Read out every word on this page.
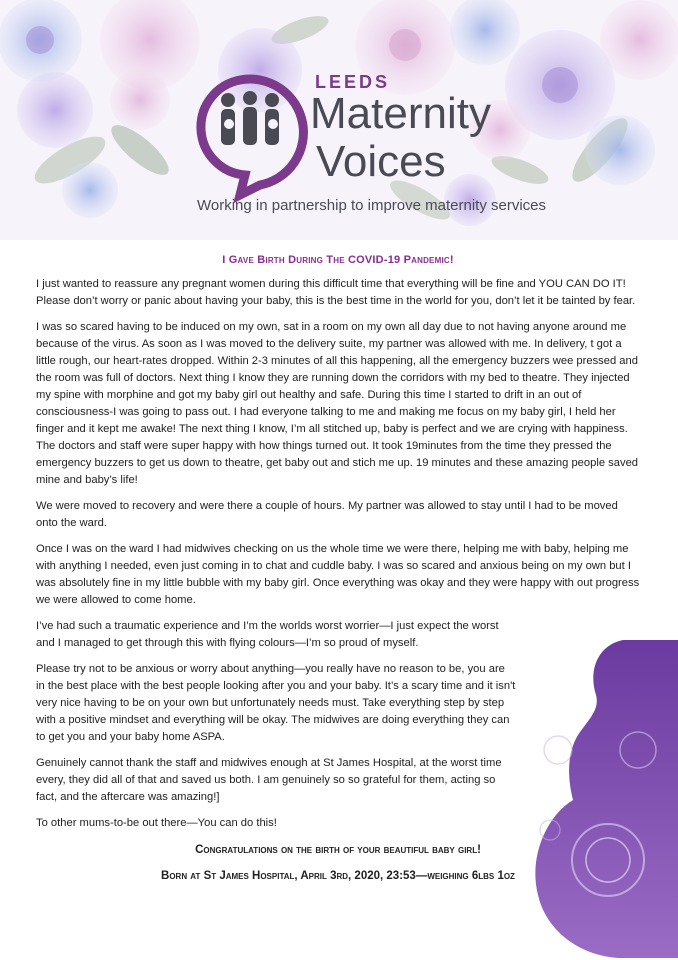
LEEDS
Maternity
Voices
Working in partnership to improve maternity services
I Gave Birth During The COVID-19 Pandemic!

I just wanted to reassure any pregnant women during this difficult time that everything will be fine and YOU CAN DO IT! Please don’t worry or panic about having your baby, this is the best time in the world for you, don’t let it be tainted by fear.

I was so scared having to be induced on my own, sat in a room on my own all day due to not having anyone around me because of the virus. As soon as I was moved to the delivery suite, my partner was allowed with me. In delivery, t got a little rough, our heart-rates dropped. Within 2-3 minutes of all this happening, all the emergency buzzers wee pressed and the room was full of doctors. Next thing I know they are running down the corridors with my bed to theatre. They injected my spine with morphine and got my baby girl out healthy and safe. During this time I started to drift in an out of consciousness-I was going to pass out. I had everyone talking to me and making me focus on my baby girl, I held her finger and it kept me awake! The next thing I know, I’m all stitched up, baby is perfect and we are crying with happiness. The doctors and staff were super happy with how things turned out. It took 19minutes from the time they pressed the emergency buzzers to get us down to theatre, get baby out and stich me up. 19 minutes and these amazing people saved mine and baby’s life!

We were moved to recovery and were there a couple of hours. My partner was allowed to stay until I had to be moved onto the ward.

Once I was on the ward I had midwives checking on us the whole time we were there, helping me with baby, helping me with anything I needed, even just coming in to chat and cuddle baby. I was so scared and anxious being on my own but I was absolutely fine in my little bubble with my baby girl. Once everything was okay and they were happy with out progress we were allowed to come home.

I’ve had such a traumatic experience and I’m the worlds worst worrier—I just expect the worst and I managed to get through this with flying colours—I’m so proud of myself.

Please try not to be anxious or worry about anything—you really have no reason to be, you are in the best place with the best people looking after you and your baby. It’s a scary time and it isn't very nice having to be on your own but unfortunately needs must. Take everything step by step with a positive mindset and everything will be okay. The midwives are doing everything they can to get you and your baby home ASPA.

Genuinely cannot thank the staff and midwives enough at St James Hospital, at the worst time every, they did all of that and saved us both. I am genuinely so so grateful for them, acting so fact, and the aftercare was amazing!]

To other mums-to-be out there—You can do this!

Congratulations on the birth of your beautiful baby girl!
Born at St James Hospital, April 3rd, 2020, 23:53—weighing 6lbs 1oz
